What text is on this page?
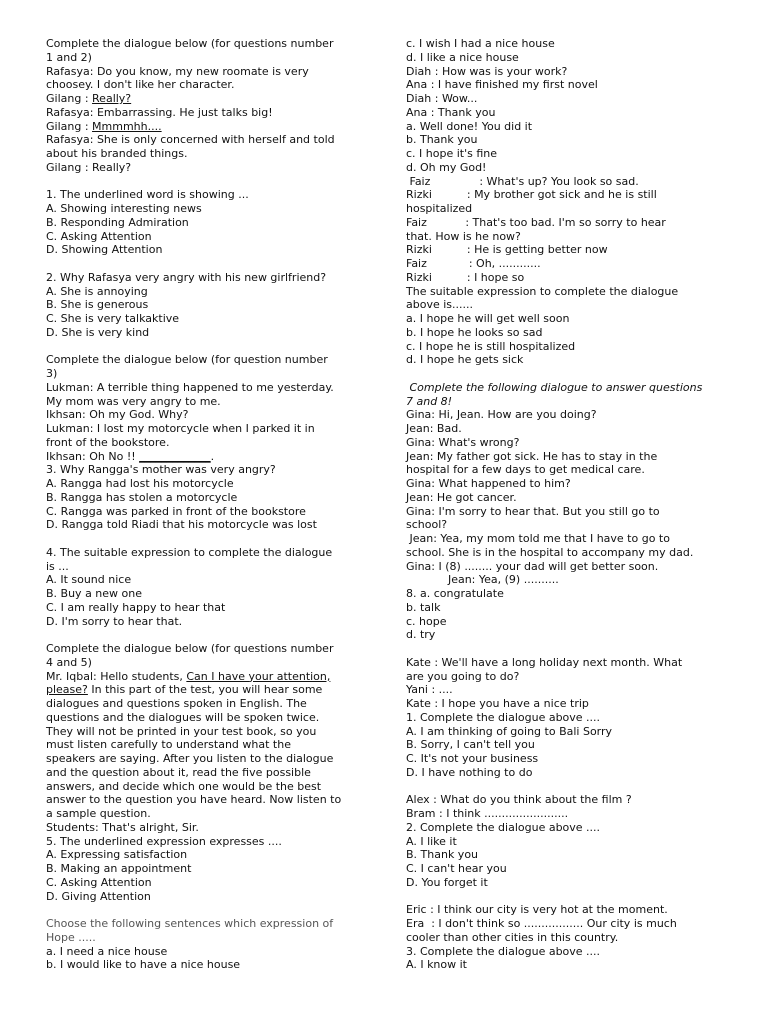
Complete the dialogue below (for questions number
1 and 2)
Rafasya: Do you know, my new roomate is very
choosey. I don't like her character.
Gilang : Really?
Rafasya: Embarrassing. He just talks big!
Gilang : Mmmmhh....
Rafasya: She is only concerned with herself and told
about his branded things.
Gilang : Really?
1. The underlined word is showing ...
A. Showing interesting news
B. Responding Admiration
C. Asking Attention
D. Showing Attention
2. Why Rafasya very angry with his new girlfriend?
A. She is annoying
B. She is generous
C. She is very talkaktive
D. She is very kind
Complete the dialogue below (for question number
3)
Lukman: A terrible thing happened to me yesterday.
My mom was very angry to me.
Ikhsan: Oh my God. Why?
Lukman: I lost my motorcycle when I parked it in
front of the bookstore.
Ikhsan: Oh No !! _____________.
3. Why Rangga's mother was very angry?
A. Rangga had lost his motorcycle
B. Rangga has stolen a motorcycle
C. Rangga was parked in front of the bookstore
D. Rangga told Riadi that his motorcycle was lost
4. The suitable expression to complete the dialogue
is ...
A. It sound nice
B. Buy a new one
C. I am really happy to hear that
D. I'm sorry to hear that.
Complete the dialogue below (for questions number
4 and 5)
Mr. Iqbal: Hello students, Can I have your attention,
please? In this part of the test, you will hear some
dialogues and questions spoken in English. The
questions and the dialogues will be spoken twice.
They will not be printed in your test book, so you
must listen carefully to understand what the
speakers are saying. After you listen to the dialogue
and the question about it, read the five possible
answers, and decide which one would be the best
answer to the question you have heard. Now listen to
a sample question.
Students: That's alright, Sir.
5. The underlined expression expresses ....
A. Expressing satisfaction
B. Making an appointment
C. Asking Attention
D. Giving Attention
Choose the following sentences which expression of
Hope .....
a. I need a nice house
b. I would like to have a nice house
c. I wish I had a nice house
d. I like a nice house
Diah : How was is your work?
Ana : I have finished my first novel
Diah : Wow...
Ana : Thank you
a. Well done! You did it
b. Thank you
c. I hope it's fine
d. Oh my God!
Faiz              : What's up? You look so sad.
Rizki          : My brother got sick and he is still
hospitalized
Faiz           : That's too bad. I'm so sorry to hear
that. How is he now?
Rizki          : He is getting better now
Faiz            : Oh, ............
Rizki          : I hope so
The suitable expression to complete the dialogue
above is......
a. I hope he will get well soon
b. I hope he looks so sad
c. I hope he is still hospitalized
d. I hope he gets sick
Complete the following dialogue to answer questions
7 and 8!
Gina: Hi, Jean. How are you doing?
Jean: Bad.
Gina: What's wrong?
Jean: My father got sick. He has to stay in the
hospital for a few days to get medical care.
Gina: What happened to him?
Jean: He got cancer.
Gina: I'm sorry to hear that. But you still go to
school?
Jean: Yea, my mom told me that I have to go to
school. She is in the hospital to accompany my dad.
Gina: I (8) ........ your dad will get better soon.
Jean: Yea, (9) ..........
8. a. congratulate
b. talk
c. hope
d. try
Kate : We'll have a long holiday next month. What
are you going to do?
Yani : ....
Kate : I hope you have a nice trip
1. Complete the dialogue above ....
A. I am thinking of going to Bali Sorry
B. Sorry, I can't tell you
C. It's not your business
D. I have nothing to do
Alex : What do you think about the film ?
Bram : I think ........................
2. Complete the dialogue above ....
A. I like it
B. Thank you
C. I can't hear you
D. You forget it
Eric : I think our city is very hot at the moment.
Era  : I don't think so ................. Our city is much
cooler than other cities in this country.
3. Complete the dialogue above ....
A. I know it
